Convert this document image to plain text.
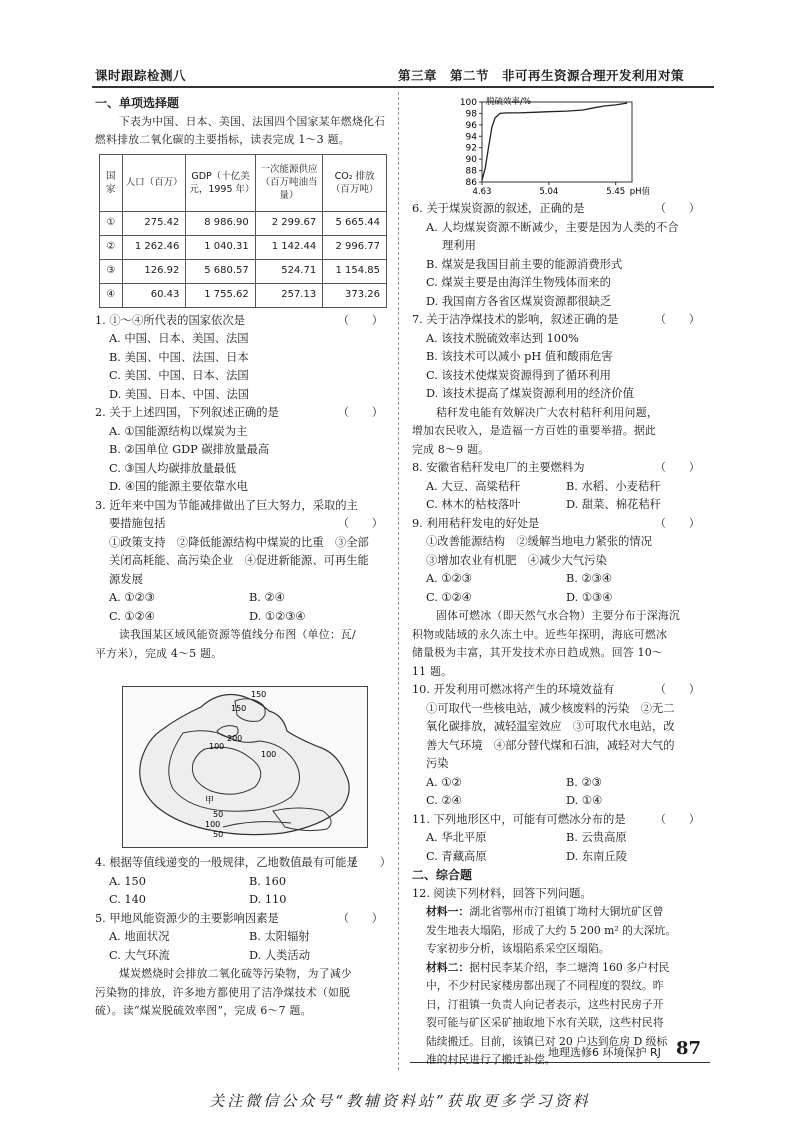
课时跟踪检测八	第三章　第二节　非可再生资源合理开发利用对策

一、单项选择题

下表为中国、日本、美国、法国四个国家某年燃烧化石

燃料排放二氧化碳的主要指标，读表完成 1～3 题。

国家	人口（百万）	GDP（十亿美元，1995 年）	一次能源供应（百万吨油当量）	CO₂ 排放（百万吨）
①	275.42	8 986.90	2 299.67	5 665.44
②	1 262.46	1 040.31	1 142.44	2 996.77
③	126.92	5 680.57	524.71	1 154.85
④	60.43	1 755.62	257.13	373.26

1. ①～④所代表的国家依次是	（　　）

A. 中国、日本、美国、法国

B. 美国、中国、法国、日本

C. 美国、中国、日本、法国

D. 美国、日本、中国、法国

2. 关于上述四国，下列叙述正确的是	（　　）

A. ①国能源结构以煤炭为主

B. ②国单位 GDP 碳排放量最高

C. ③国人均碳排放量最低

D. ④国的能源主要依靠水电

3. 近年来中国为节能减排做出了巨大努力，采取的主

要措施包括	（　　）

①政策支持　②降低能源结构中煤炭的比重　③全部

关闭高耗能、高污染企业　④促进新能源、可再生能

源发展

A. ①②③	B. ②④
C. ①②④	D. ①②③④

读我国某区域风能资源等值线分布图（单位：瓦/

平方米），完成 4～5 题。

150
150
200
100
100
甲
50
100
50

4. 根据等值线递变的一般规律，乙地数值最有可能是

（　　）
A. 150	B. 160
C. 140	D. 110

5. 甲地风能资源少的主要影响因素是	（　　）
A. 地面状况	B. 太阳辐射
C. 大气环流	D. 人类活动

煤炭燃烧时会排放二氧化硫等污染物，为了减少

污染物的排放，许多地方都使用了洁净煤技术（如脱

硫）。读“煤炭脱硫效率图”，完成 6～7 题。

100
98
96
94
92
90
88
86
4.63	5.04	5.45
脱硫效率/%
pH值

6. 关于煤炭资源的叙述，正确的是	（　　）

A. 人均煤炭资源不断减少，主要是因为人类的不合

理利用

B. 煤炭是我国目前主要的能源消费形式

C. 煤炭主要是由海洋生物残体而来的

D. 我国南方各省区煤炭资源都很缺乏

7. 关于洁净煤技术的影响，叙述正确的是	（　　）

A. 该技术脱硫效率达到 100%

B. 该技术可以减小 pH 值和酸雨危害

C. 该技术使煤炭资源得到了循环利用

D. 该技术提高了煤炭资源利用的经济价值

秸秆发电能有效解决广大农村秸秆利用问题，

增加农民收入，是造福一方百姓的重要举措。据此

完成 8～9 题。

8. 安徽省秸秆发电厂的主要燃料为	（　　）
A. 大豆、高粱秸秆	B. 水稻、小麦秸秆
C. 林木的枯枝落叶	D. 甜菜、棉花秸秆

9. 利用秸秆发电的好处是	（　　）

①改善能源结构　②缓解当地电力紧张的情况

③增加农业有机肥　④减少大气污染

A. ①②③	B. ②③④
C. ①②④	D. ①③④

固体可燃冰（即天然气水合物）主要分布于深海沉

积物或陆域的永久冻土中。近些年探明，海底可燃冰

储量极为丰富，其开发技术亦日趋成熟。回答 10～

11 题。

10. 开发利用可燃冰将产生的环境效益有	（　　）

①可取代一些核电站，减少核废料的污染　②无二

氧化碳排放，减轻温室效应　③可取代水电站，改

善大气环境　④部分替代煤和石油，减轻对大气的

污染

A. ①②	B. ②③
C. ②④	D. ①④

11. 下列地形区中，可能有可燃冰分布的是	（　　）
A. 华北平原	B. 云贵高原
C. 青藏高原	D. 东南丘陵

二、综合题

12. 阅读下列材料，回答下列问题。

材料一：湖北省鄂州市汀祖镇丁坳村大铜坑矿区曾

发生地表大塌陷，形成了大约 5 200 m² 的大深坑。

专家初步分析，该塌陷系采空区塌陷。

材料二：据村民李某介绍，李二塘湾 160 多户村民

中，不少村民家楼房都出现了不同程度的裂纹。昨

日，汀祖镇一负责人向记者表示，这些村民房子开

裂可能与矿区采矿抽取地下水有关联，这些村民将

陆续搬迁。目前，该镇已对 20 户达到危房 D 级标

准的村民进行了搬迁补偿。

地理选修6 环境保护 RJ 87
关注微信公众号“教辅资料站”获取更多学习资料
